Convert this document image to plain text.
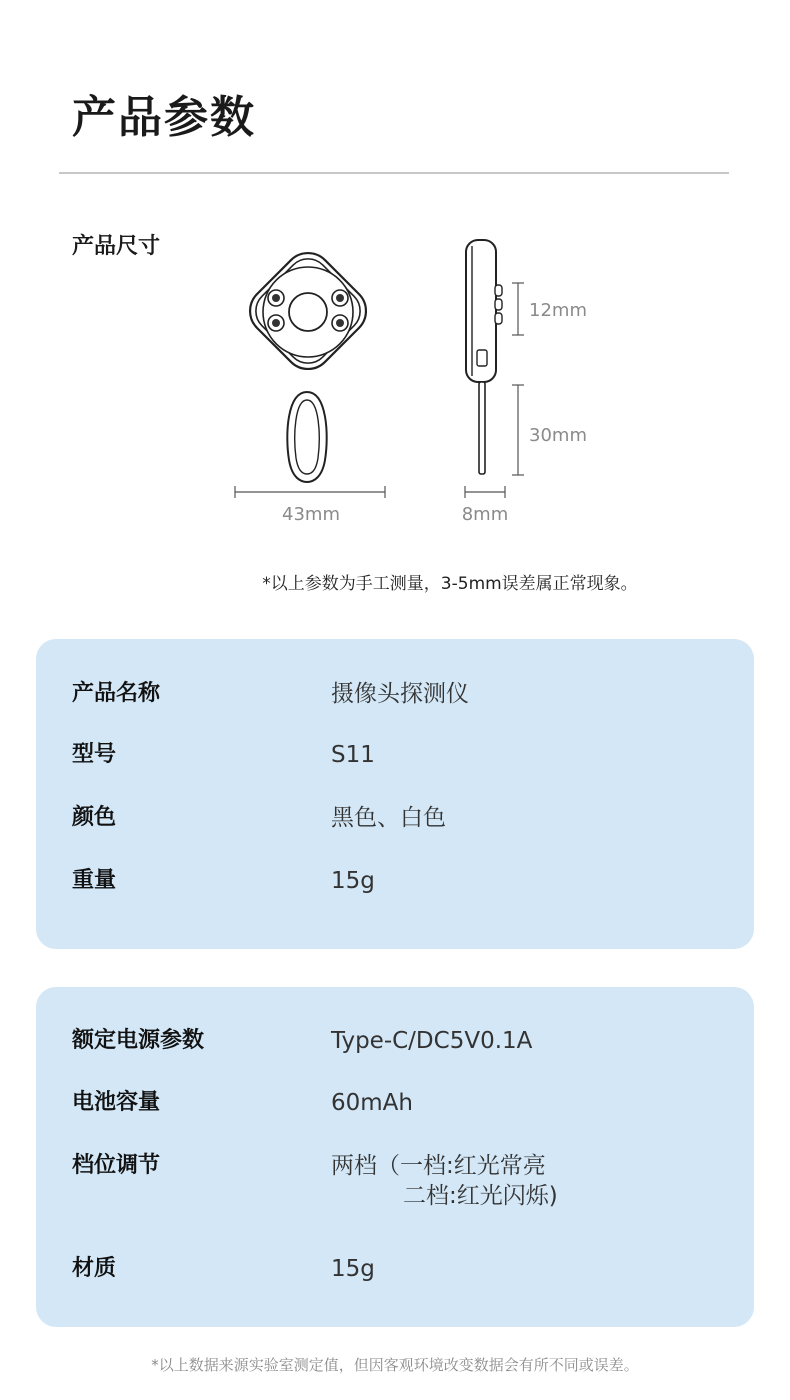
产品参数
产品尺寸
43mm
12mm
30mm
8mm
*以上参数为手工测量，3-5mm误差属正常现象。
产品名称	摄像头探测仪
型号	S11
颜色	黑色、白色
重量	15g
额定电源参数	Type-C/DC5V0.1A
电池容量	60mAh
档位调节	两档（一档:红光常亮
二档:红光闪烁)
材质	15g
*以上数据来源实验室测定值，但因客观环境改变数据会有所不同或误差。
